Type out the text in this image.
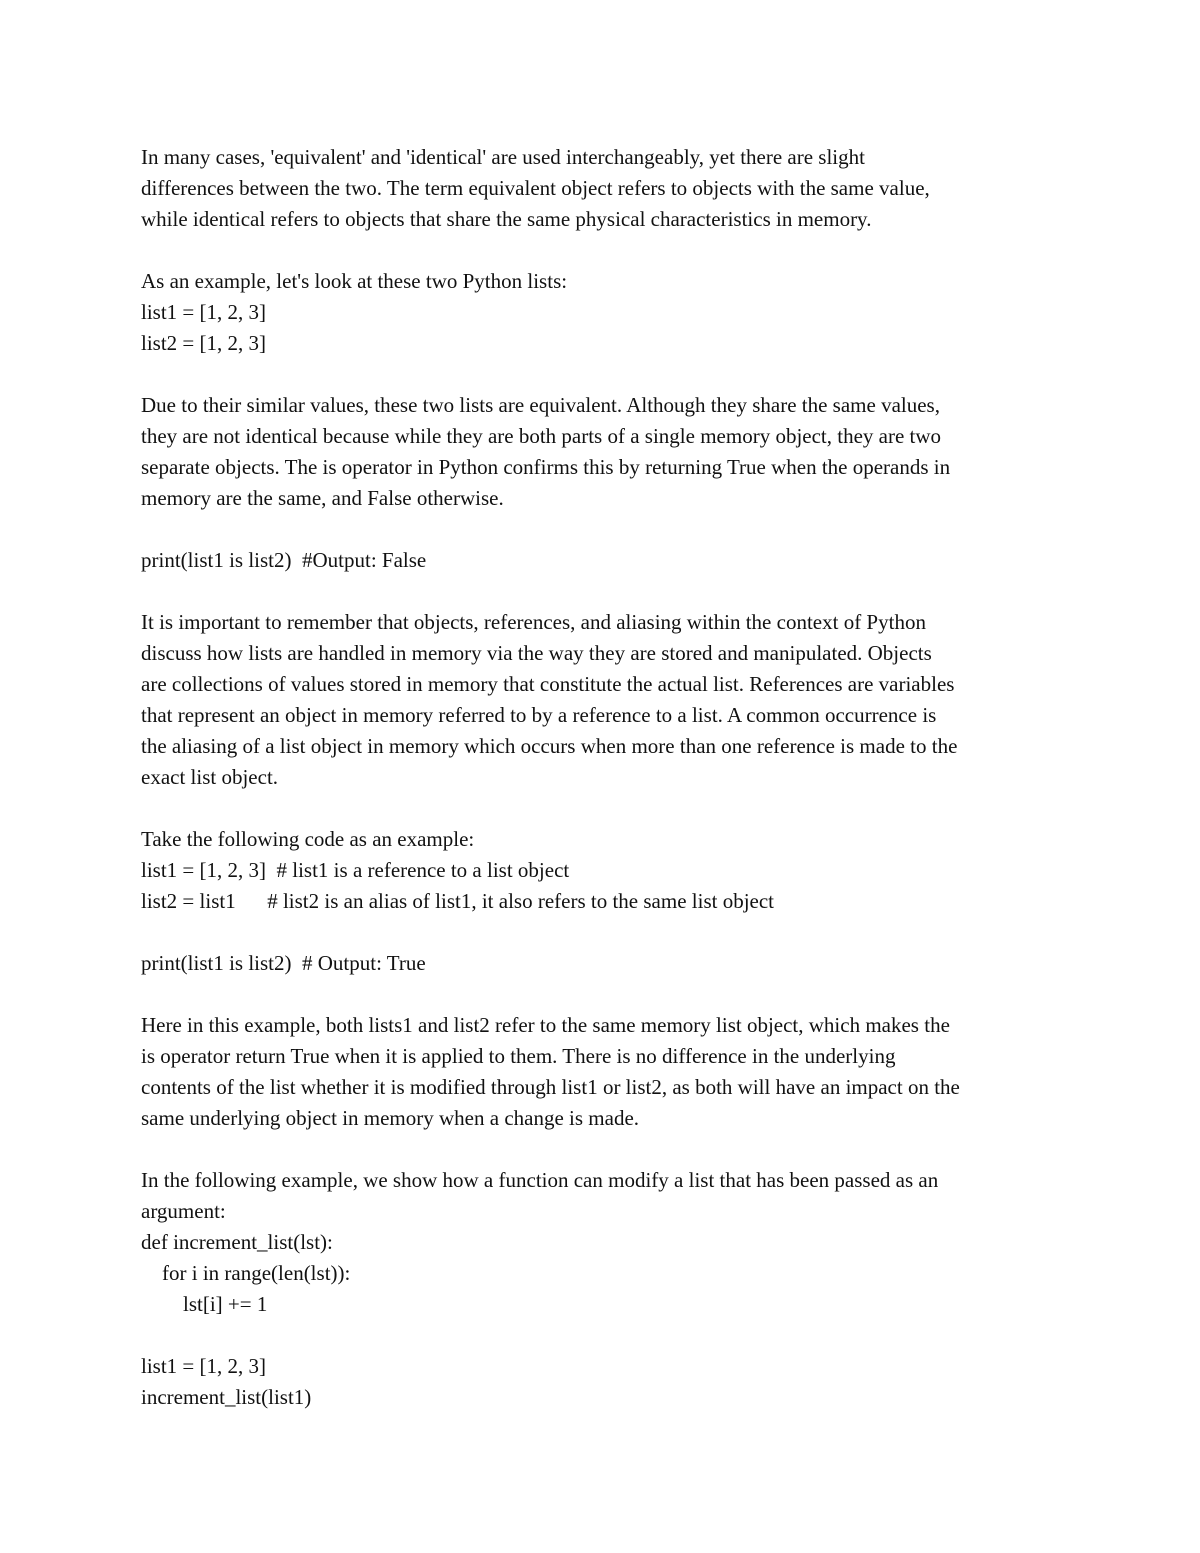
In many cases, 'equivalent' and 'identical' are used interchangeably, yet there are slight
differences between the two. The term equivalent object refers to objects with the same value,
while identical refers to objects that share the same physical characteristics in memory.
As an example, let's look at these two Python lists:
list1 = [1, 2, 3]
list2 = [1, 2, 3]
Due to their similar values, these two lists are equivalent. Although they share the same values,
they are not identical because while they are both parts of a single memory object, they are two
separate objects. The is operator in Python confirms this by returning True when the operands in
memory are the same, and False otherwise.
print(list1 is list2)  #Output: False
It is important to remember that objects, references, and aliasing within the context of Python
discuss how lists are handled in memory via the way they are stored and manipulated. Objects
are collections of values stored in memory that constitute the actual list. References are variables
that represent an object in memory referred to by a reference to a list. A common occurrence is
the aliasing of a list object in memory which occurs when more than one reference is made to the
exact list object.
Take the following code as an example:
list1 = [1, 2, 3]  # list1 is a reference to a list object
list2 = list1      # list2 is an alias of list1, it also refers to the same list object
print(list1 is list2)  # Output: True
Here in this example, both lists1 and list2 refer to the same memory list object, which makes the
is operator return True when it is applied to them. There is no difference in the underlying
contents of the list whether it is modified through list1 or list2, as both will have an impact on the
same underlying object in memory when a change is made.
In the following example, we show how a function can modify a list that has been passed as an
argument:
def increment_list(lst):
for i in range(len(lst)):
lst[i] += 1
list1 = [1, 2, 3]
increment_list(list1)
